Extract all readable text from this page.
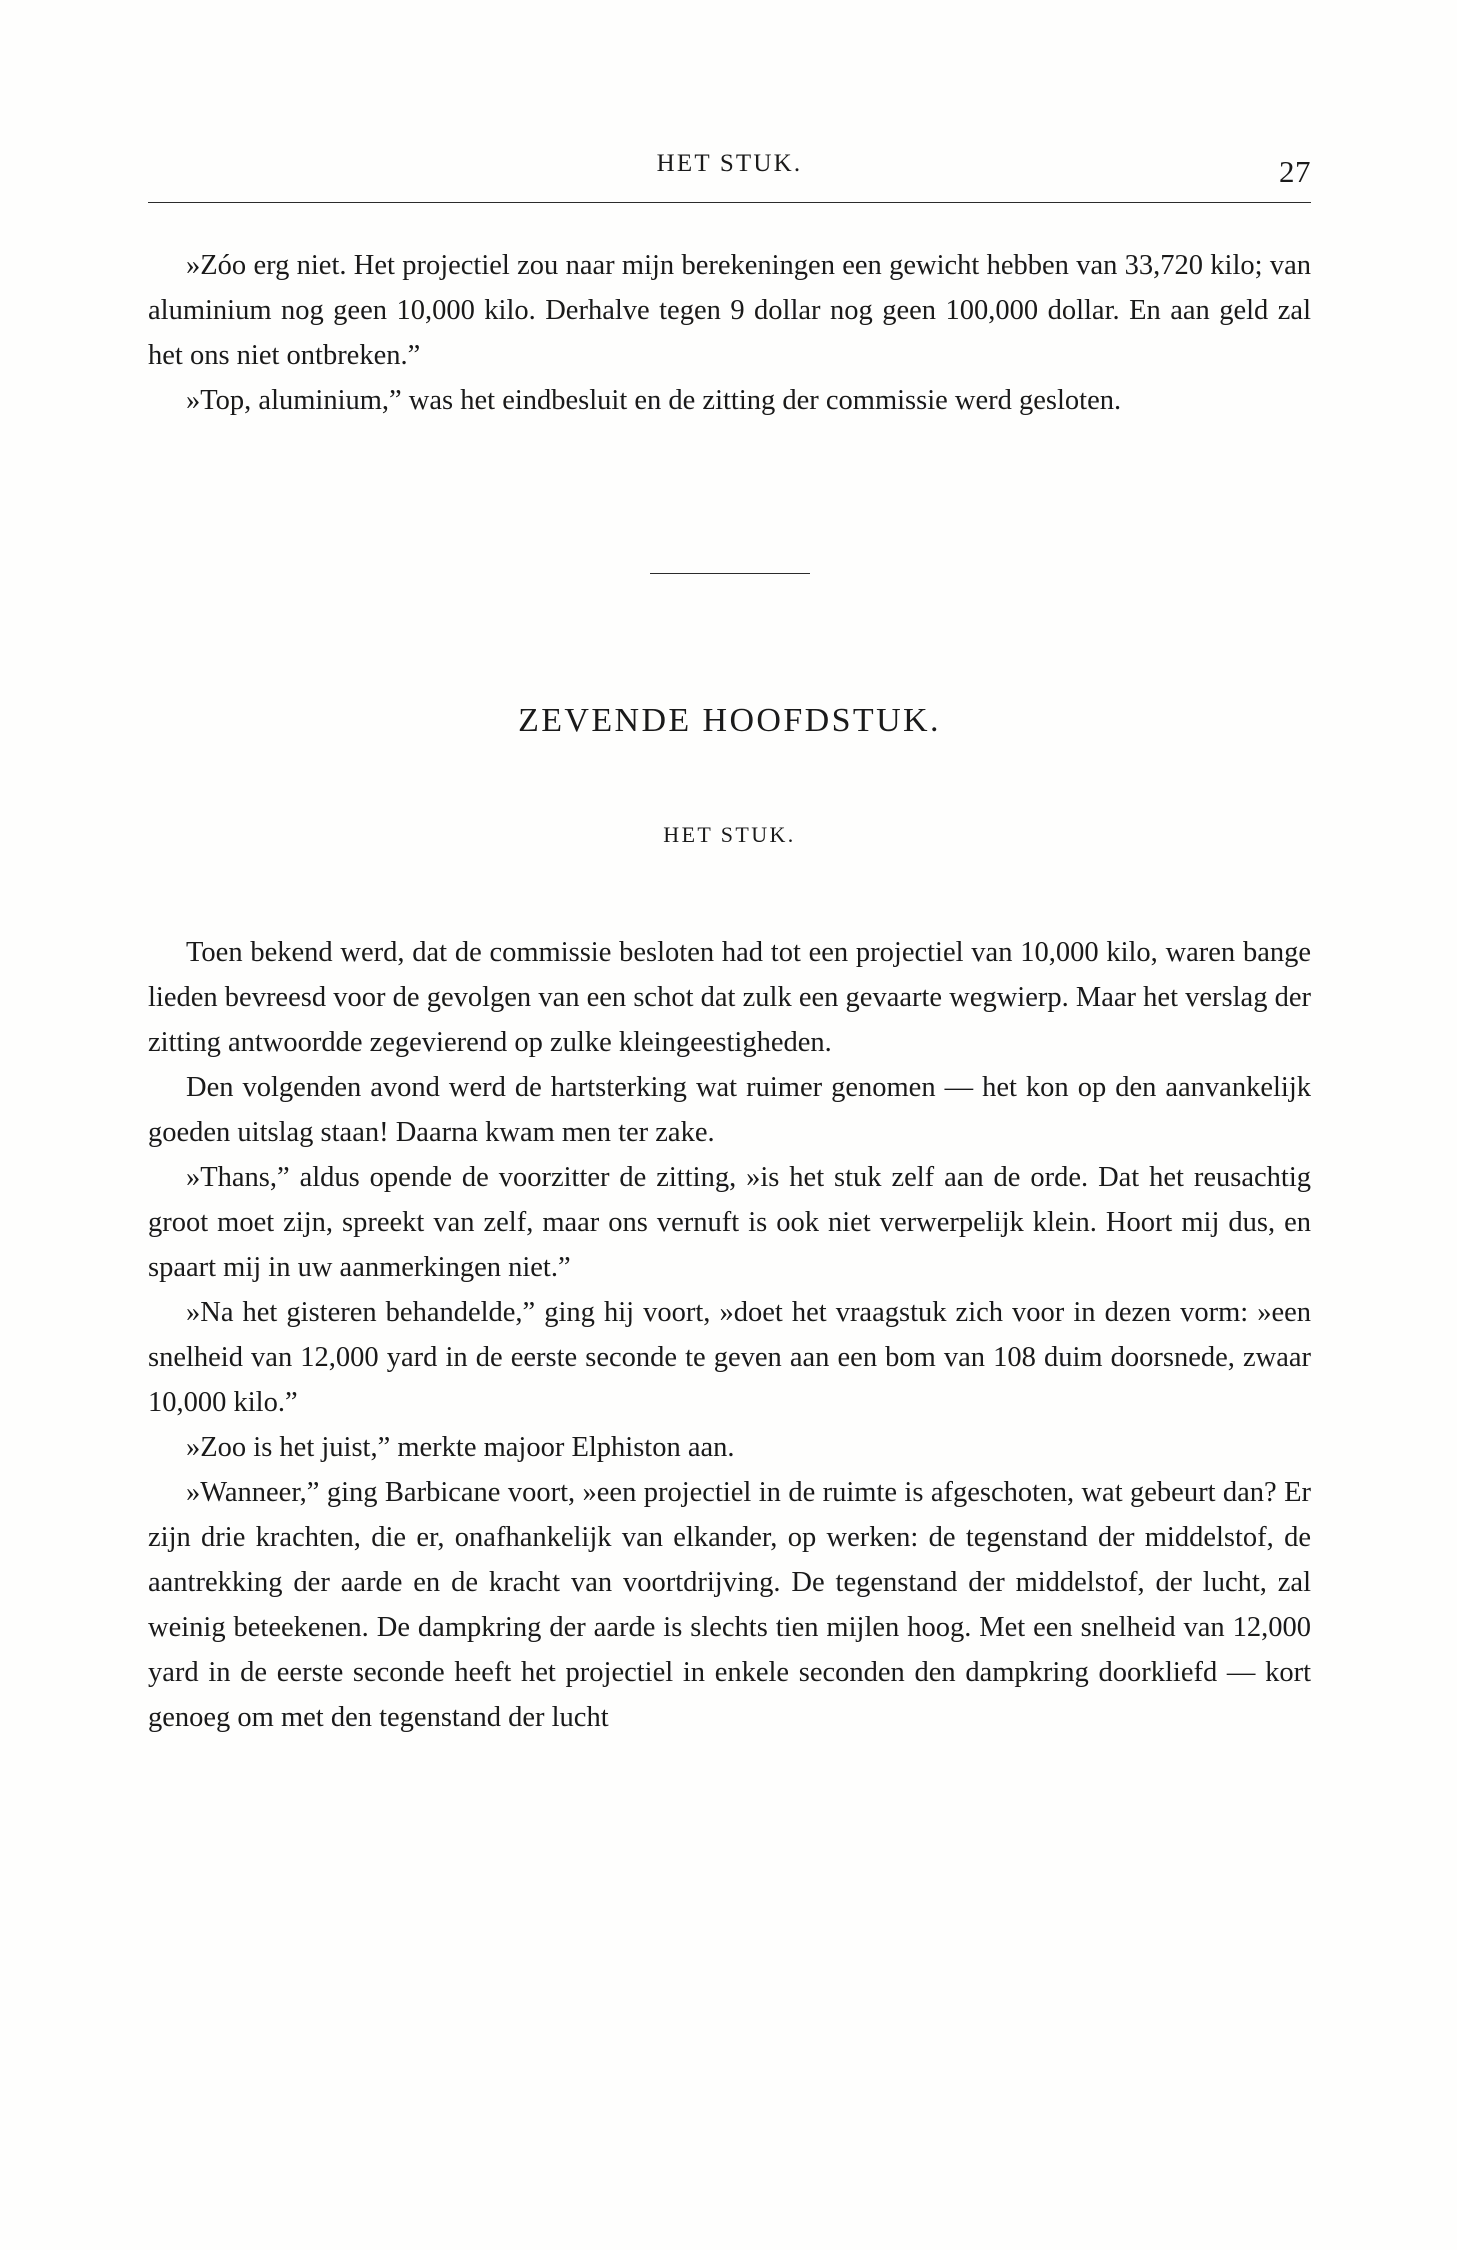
HET STUK.	27

»Zóo erg niet. Het projectiel zou naar mijn berekeningen een gewicht hebben van 33,720 kilo; van aluminium nog geen 10,000 kilo. Derhalve tegen 9 dollar nog geen 100,000 dollar. En aan geld zal het ons niet ontbreken.”

»Top, aluminium,” was het eindbesluit en de zitting der commissie werd gesloten.

ZEVENDE HOOFDSTUK.
HET STUK.

Toen bekend werd, dat de commissie besloten had tot een projectiel van 10,000 kilo, waren bange lieden bevreesd voor de gevolgen van een schot dat zulk een gevaarte wegwierp. Maar het verslag der zitting antwoordde zegevierend op zulke kleingeestigheden.

Den volgenden avond werd de hartsterking wat ruimer genomen — het kon op den aanvankelijk goeden uitslag staan! Daarna kwam men ter zake.

»Thans,” aldus opende de voorzitter de zitting, »is het stuk zelf aan de orde. Dat het reusachtig groot moet zijn, spreekt van zelf, maar ons vernuft is ook niet verwerpelijk klein. Hoort mij dus, en spaart mij in uw aanmerkingen niet.”

»Na het gisteren behandelde,” ging hij voort, »doet het vraagstuk zich voor in dezen vorm: »een snelheid van 12,000 yard in de eerste seconde te geven aan een bom van 108 duim doorsnede, zwaar 10,000 kilo.”

»Zoo is het juist,” merkte majoor Elphiston aan.

»Wanneer,” ging Barbicane voort, »een projectiel in de ruimte is afgeschoten, wat gebeurt dan? Er zijn drie krachten, die er, onafhankelijk van elkander, op werken: de tegenstand der middelstof, de aantrekking der aarde en de kracht van voortdrijving. De tegenstand der middelstof, der lucht, zal weinig beteekenen. De dampkring der aarde is slechts tien mijlen hoog. Met een snelheid van 12,000 yard in de eerste seconde heeft het projectiel in enkele seconden den dampkring doorkliefd — kort genoeg om met den tegenstand der lucht
